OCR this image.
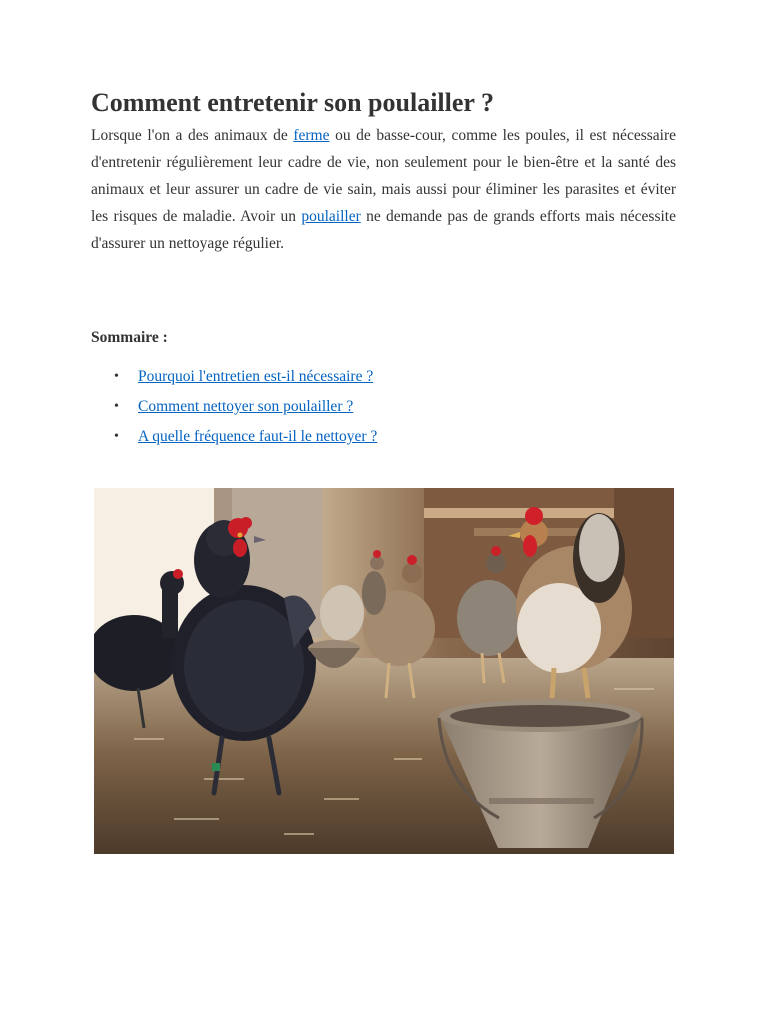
Comment entretenir son poulailler ?

Lorsque l'on a des animaux de ferme ou de basse-cour, comme les poules, il est nécessaire d'entretenir régulièrement leur cadre de vie, non seulement pour le bien-être et la santé des animaux et leur assurer un cadre de vie sain, mais aussi pour éliminer les parasites et éviter les risques de maladie. Avoir un poulailler ne demande pas de grands efforts mais nécessite d'assurer un nettoyage régulier.

Sommaire :
• Pourquoi l'entretien est-il nécessaire ?
• Comment nettoyer son poulailler ?
• A quelle fréquence faut-il le nettoyer ?
